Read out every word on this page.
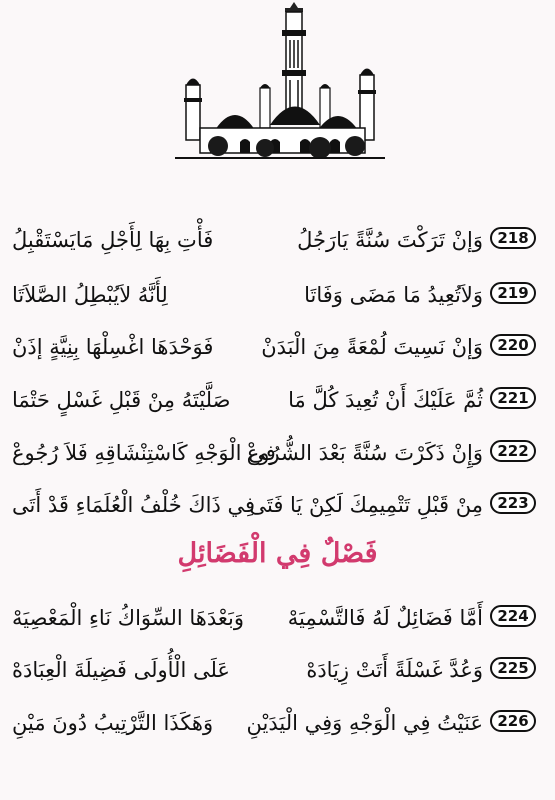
218
وَإنْ تَرَكْتَ سُنَّةً يَارَجُلُ
فَأْتِ بِهَا لِأَجْلِ مَايَسْتَقْبِلُ
219
وَلاَتُعِيدُ مَا مَضَى وَفَاتَا
لِأَنَّهُ لاَيُبْطِلُ الصَّلاَتَا
220
وَإنْ نَسِيتَ لُمْعَةً مِنَ الْبَدَنْ
فَوَحْدَهَا اغْسِلْهَا بِنِيَّةٍ إذَنْ
221
ثُمَّ عَلَيْكَ أَنْ تُعِيدَ كُلَّ مَا
صَلَّيْتَهُ مِنْ قَبْلِ غَسْلٍ حَتْمَا
222
وَإِنْ ذَكَرْتَ سُنَّةً بَعْدَ الشُّرُوعْ
فِي الْوَجْهِ كَاسْتِنْشَاقِهِ فَلاَ رُجُوعْ
223
مِنْ قَبْلِ تَتْمِيمِكَ لَكِنْ يَا فَتَى
فِي ذَاكَ خُلْفُ الْعُلَمَاءِ قَدْ أَتَى
فَصْلٌ فِي الْفَضَائِلِ
224
أَمَّا فَضَائِلٌ لَهُ فَالتَّسْمِيَهْ
وَبَعْدَهَا السِّوَاكُ نَاءِ الْمَعْصِيَهْ
225
وَعُدَّ غَسْلَةً أَتَتْ زِيَادَهْ
عَلَى الْأُولَى فَضِيلَةَ الْعِبَادَهْ
226
عَنَيْتُ فِي الْوَجْهِ وَفِي الْيَدَيْنِ
وَهَكَذَا التَّرْتِيبُ دُونَ مَيْنِ
